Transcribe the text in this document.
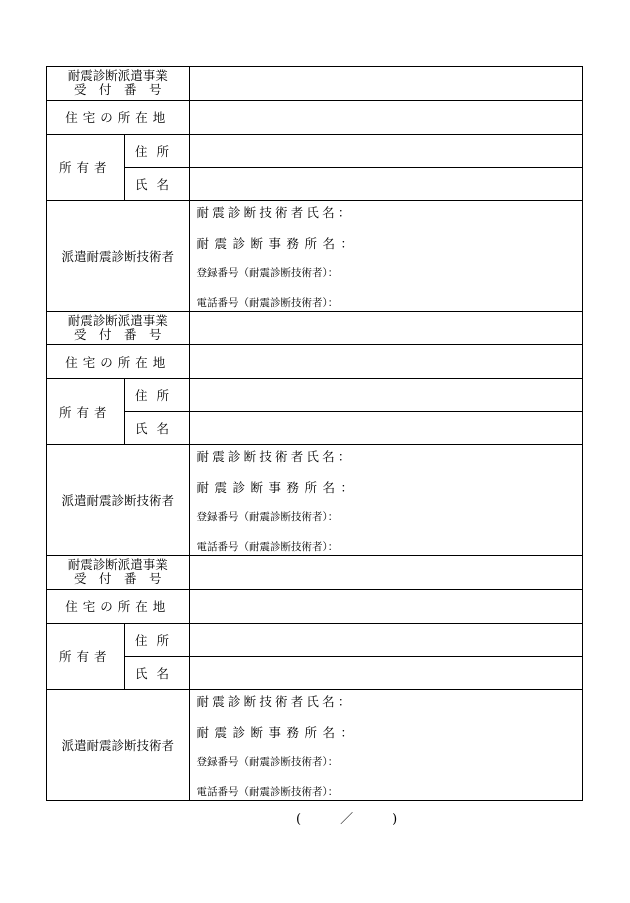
耐震診断派遣事業
受　付　番　号		

住宅の所在地		
所有者	住所	
	氏名	
派遣耐震診断技術者		耐震診断技術者氏名：
耐震診断事務所名：
登録番号（耐震診断技術者）：
電話番号（耐震診断技術者）：
耐震診断派遣事業
受　付　番　号		

住宅の所在地		
所有者	住所	
	氏名	
派遣耐震診断技術者		耐震診断技術者氏名：
耐震診断事務所名：
登録番号（耐震診断技術者）：
電話番号（耐震診断技術者）：
耐震診断派遣事業
受　付　番　号		

住宅の所在地		
所有者	住所	
	氏名	
派遣耐震診断技術者		耐震診断技術者氏名：
耐震診断事務所名：
登録番号（耐震診断技術者）：
電話番号（耐震診断技術者）：
(　　　／　　　)
